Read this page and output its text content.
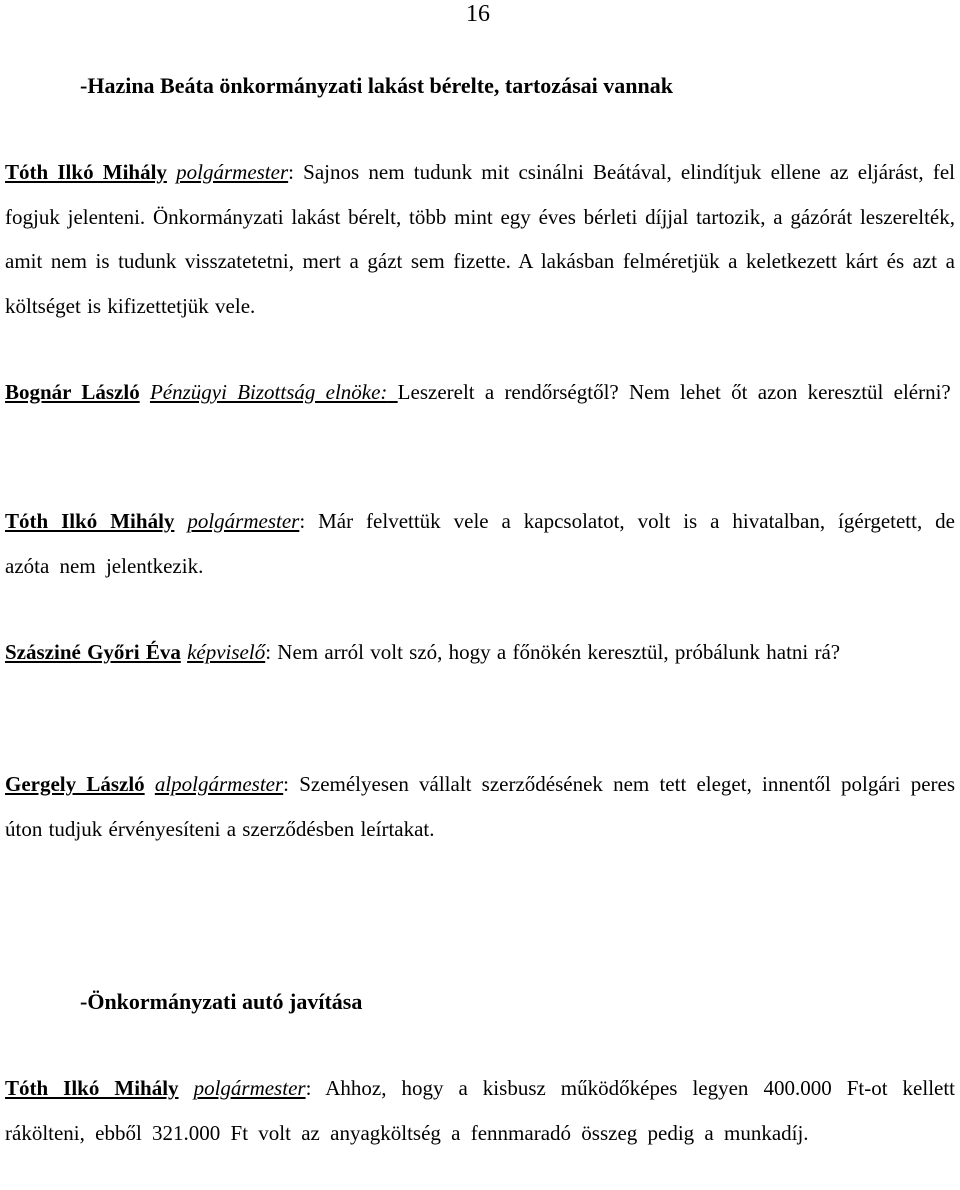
16
-Hazina Beáta önkormányzati lakást bérelte, tartozásai vannak

Tóth Ilkó Mihály polgármester: Sajnos nem tudunk mit csinálni Beátával, elindítjuk ellene az eljárást, fel fogjuk jelenteni. Önkormányzati lakást bérelt, több mint egy éves bérleti díjjal tartozik, a gázórát leszerelték, amit nem is tudunk visszatetetni, mert a gázt sem fizette. A lakásban felméretjük a keletkezett kárt és azt a költséget is kifizettetjük vele.

Bognár László Pénzügyi Bizottság elnöke: Leszerelt a rendőrségtől? Nem lehet őt azon keresztül elérni?

Tóth Ilkó Mihály polgármester: Már felvettük vele a kapcsolatot, volt is a hivatalban, ígérgetett, de azóta nem jelentkezik.

Szásziné Győri Éva képviselő: Nem arról volt szó, hogy a főnökén keresztül, próbálunk hatni rá?

Gergely László alpolgármester: Személyesen vállalt szerződésének nem tett eleget, innentől polgári peres úton tudjuk érvényesíteni a szerződésben leírtakat.

-Önkormányzati autó javítása

Tóth Ilkó Mihály polgármester: Ahhoz, hogy a kisbusz működőképes legyen 400.000 Ft-ot kellett rákölteni, ebből 321.000 Ft volt az anyagköltség a fennmaradó összeg pedig a munkadíj.
